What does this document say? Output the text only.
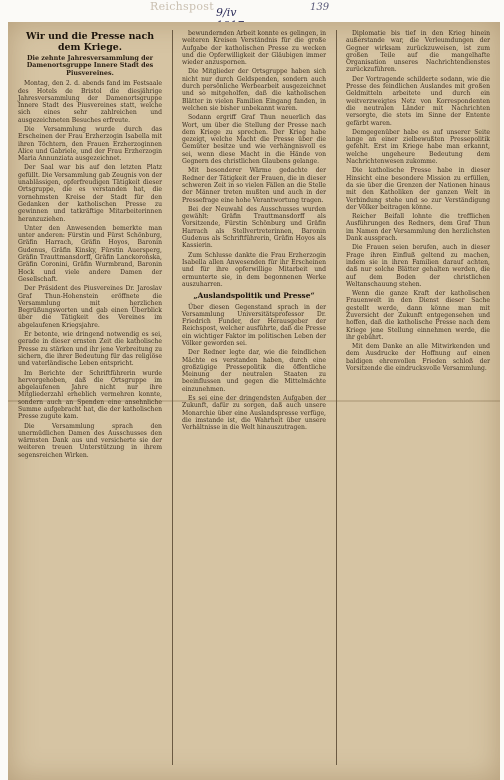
Reichspost 9/iv	139
Wir und die Presse nach dem Kriege.
Die zehnte Jahresversammlung der Damenortsgruppe Innere Stadt des Piusvereines.

Montag, den 2. d. abends fand im Festsaale des Hotels de Bristol die diesjährige Jahresversammlung der Damenortsgruppe Innere Stadt des Piusvereines statt, welche sich eines sehr zahlreichen und ausgezeichneten Besuches erfreute.

Die Versammlung wurde durch das Erscheinen der Frau Erzherzogin Isabella mit ihren Töchtern, den Frauen Erzherzoginnen Alice und Gabriele, und der Frau Erzherzogin Maria Annunziata ausgezeichnet.

Der Saal war bis auf den letzten Platz gefüllt. Die Versammlung gab Zeugnis von der unablässigen, opferfreudigen Tätigkeit dieser Ortsgruppe, die es verstanden hat, die vornehmsten Kreise der Stadt für den Gedanken der katholischen Presse zu gewinnen und tatkräftige Mitarbeiterinnen heranzuziehen.

Unter den Anwesenden bemerkte man unter anderen: Fürstin und Fürst Schönburg, Gräfin Harrach, Gräfin Hoyos, Baronin Gudenus, Gräfin Kinsky, Fürstin Auersperg, Gräfin Trauttmansdorff, Gräfin Lanckorońska, Gräfin Coronini, Gräfin Wurmbrand, Baronin Hock und viele andere Damen der Gesellschaft.

Der Präsident des Piusvereines Dr. Jaroslav Graf Thun-Hohenstein eröffnete die Versammlung mit herzlichen Begrüßungsworten und gab einen Überblick über die Tätigkeit des Vereines im abgelaufenen Kriegsjahre.

Er betonte, wie dringend notwendig es sei, gerade in dieser ernsten Zeit die katholische Presse zu stärken und ihr jene Verbreitung zu sichern, die ihrer Bedeutung für das religiöse und vaterländische Leben entspricht.

Im Berichte der Schriftführerin wurde hervorgehoben, daß die Ortsgruppe im abgelaufenen Jahre nicht nur ihre Mitgliederzahl erheblich vermehren konnte, sondern auch an Spenden eine ansehnliche Summe aufgebracht hat, die der katholischen Presse zugute kam.

Die Versammlung sprach den unermüdlichen Damen des Ausschusses den wärmsten Dank aus und versicherte sie der weiteren treuen Unterstützung in ihrem segensreichen Wirken.

bewundernden Arbeit konnte es gelingen, in weiteren Kreisen Verständnis für die große Aufgabe der katholischen Presse zu wecken und die Opferwilligkeit der Gläubigen immer wieder anzuspornen.

Die Mitglieder der Ortsgruppe haben sich nicht nur durch Geldspenden, sondern auch durch persönliche Werbearbeit ausgezeichnet und so mitgeholfen, daß die katholischen Blätter in vielen Familien Eingang fanden, in welchen sie bisher unbekannt waren.

Sodann ergriff Graf Thun neuerlich das Wort, um über die Stellung der Presse nach dem Kriege zu sprechen. Der Krieg habe gezeigt, welche Macht die Presse über die Gemüter besitze und wie verhängnisvoll es sei, wenn diese Macht in die Hände von Gegnern des christlichen Glaubens gelange.

Mit besonderer Wärme gedachte der Redner der Tätigkeit der Frauen, die in dieser schweren Zeit in so vielen Fällen an die Stelle der Männer treten mußten und auch in der Pressefrage eine hohe Verantwortung tragen.

Bei der Neuwahl des Ausschusses wurden gewählt: Gräfin Trauttmansdorff als Vorsitzende, Fürstin Schönburg und Gräfin Harrach als Stellvertreterinnen, Baronin Gudenus als Schriftführerin, Gräfin Hoyos als Kassierin.

Zum Schlusse dankte die Frau Erzherzogin Isabella allen Anwesenden für ihr Erscheinen und für ihre opferwillige Mitarbeit und ermunterte sie, in dem begonnenen Werke auszuharren.

„Auslandspolitik und Presse“

Über diesen Gegenstand sprach in der Versammlung Universitätsprofessor Dr. Friedrich Funder, der Herausgeber der Reichspost, welcher ausführte, daß die Presse ein wichtiger Faktor im politischen Leben der Völker geworden sei.

Der Redner legte dar, wie die feindlichen Mächte es verstanden haben, durch eine großzügige Pressepolitik die öffentliche Meinung der neutralen Staaten zu beeinflussen und gegen die Mittelmächte einzunehmen.

Es sei eine der dringendsten Aufgaben der Zukunft, dafür zu sorgen, daß auch unsere Monarchie über eine Auslandspresse verfüge, die imstande ist, die Wahrheit über unsere Verhältnisse in die Welt hinauszutragen.

Diplomatie bis tief in den Krieg hinein außerstande war, die Verleumdungen der Gegner wirksam zurückzuweisen, ist zum großen Teile auf die mangelhafte Organisation unseres Nachrichtendienstes zurückzuführen.

Der Vortragende schilderte sodann, wie die Presse des feindlichen Auslandes mit großen Geldmitteln arbeitete und durch ein weitverzweigtes Netz von Korrespondenten die neutralen Länder mit Nachrichten versorgte, die stets im Sinne der Entente gefärbt waren.

Demgegenüber habe es auf unserer Seite lange an einer zielbewußten Pressepolitik gefehlt. Erst im Kriege habe man erkannt, welche ungeheure Bedeutung dem Nachrichtenwesen zukomme.

Die katholische Presse habe in dieser Hinsicht eine besondere Mission zu erfüllen, da sie über die Grenzen der Nationen hinaus mit den Katholiken der ganzen Welt in Verbindung stehe und so zur Verständigung der Völker beitragen könne.

Reicher Beifall lohnte die trefflichen Ausführungen des Redners, dem Graf Thun im Namen der Versammlung den herzlichsten Dank aussprach.

Die Frauen seien berufen, auch in dieser Frage ihren Einfluß geltend zu machen, indem sie in ihren Familien darauf achten, daß nur solche Blätter gehalten werden, die auf dem Boden der christlichen Weltanschauung stehen.

Wenn die ganze Kraft der katholischen Frauenwelt in den Dienst dieser Sache gestellt werde, dann könne man mit Zuversicht der Zukunft entgegensehen und hoffen, daß die katholische Presse nach dem Kriege jene Stellung einnehmen werde, die ihr gebührt.

Mit dem Danke an alle Mitwirkenden und dem Ausdrucke der Hoffnung auf einen baldigen ehrenvollen Frieden schloß der Vorsitzende die eindrucksvolle Versammlung.
